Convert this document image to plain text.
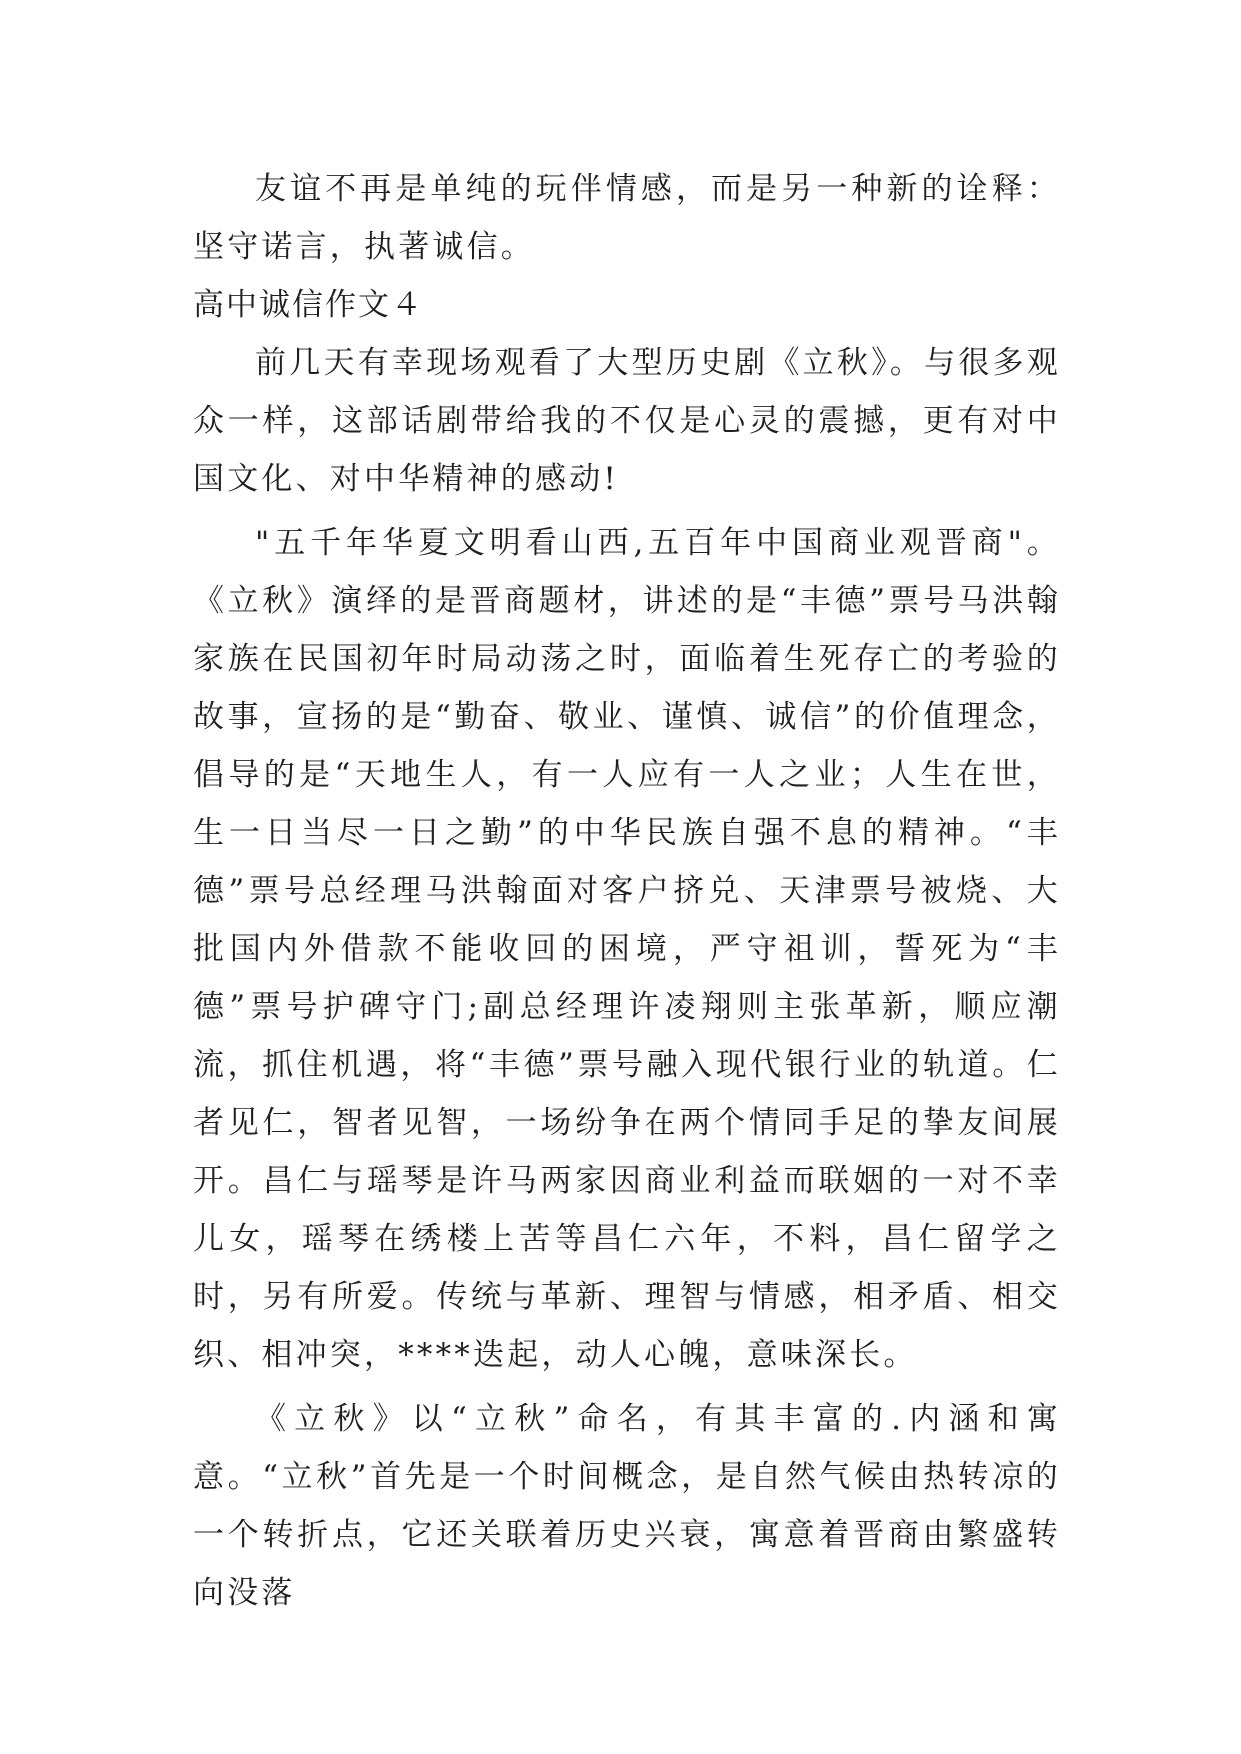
友谊不再是单纯的玩伴情感，而是另一种新的诠释：坚守诺言，执著诚信。

高中诚信作文４

前几天有幸现场观看了大型历史剧《立秋》。与很多观众一样，这部话剧带给我的不仅是心灵的震撼，更有对中国文化、对中华精神的感动!

"五千年华夏文明看山西,五百年中国商业观晋商"。《立秋》演绎的是晋商题材，讲述的是“丰德”票号马洪翰家族在民国初年时局动荡之时，面临着生死存亡的考验的故事，宣扬的是“勤奋、敬业、谨慎、诚信”的价值理念，倡导的是“天地生人，有一人应有一人之业；人生在世，生一日当尽一日之勤”的中华民族自强不息的精神。“丰德”票号总经理马洪翰面对客户挤兑、天津票号被烧、大批国内外借款不能收回的困境，严守祖训，誓死为“丰德”票号护碑守门;副总经理许凌翔则主张革新，顺应潮流，抓住机遇，将“丰德”票号融入现代银行业的轨道。仁者见仁，智者见智，一场纷争在两个情同手足的挚友间展开。昌仁与瑶琴是许马两家因商业利益而联姻的一对不幸儿女，瑶琴在绣楼上苦等昌仁六年，不料，昌仁留学之时，另有所爱。传统与革新、理智与情感，相矛盾、相交织、相冲突，****迭起，动人心魄，意味深长。

《立秋》以“立秋”命名，有其丰富的.内涵和寓意。“立秋”首先是一个时间概念，是自然气候由热转凉的一个转折点，它还关联着历史兴衰，寓意着晋商由繁盛转向没落
